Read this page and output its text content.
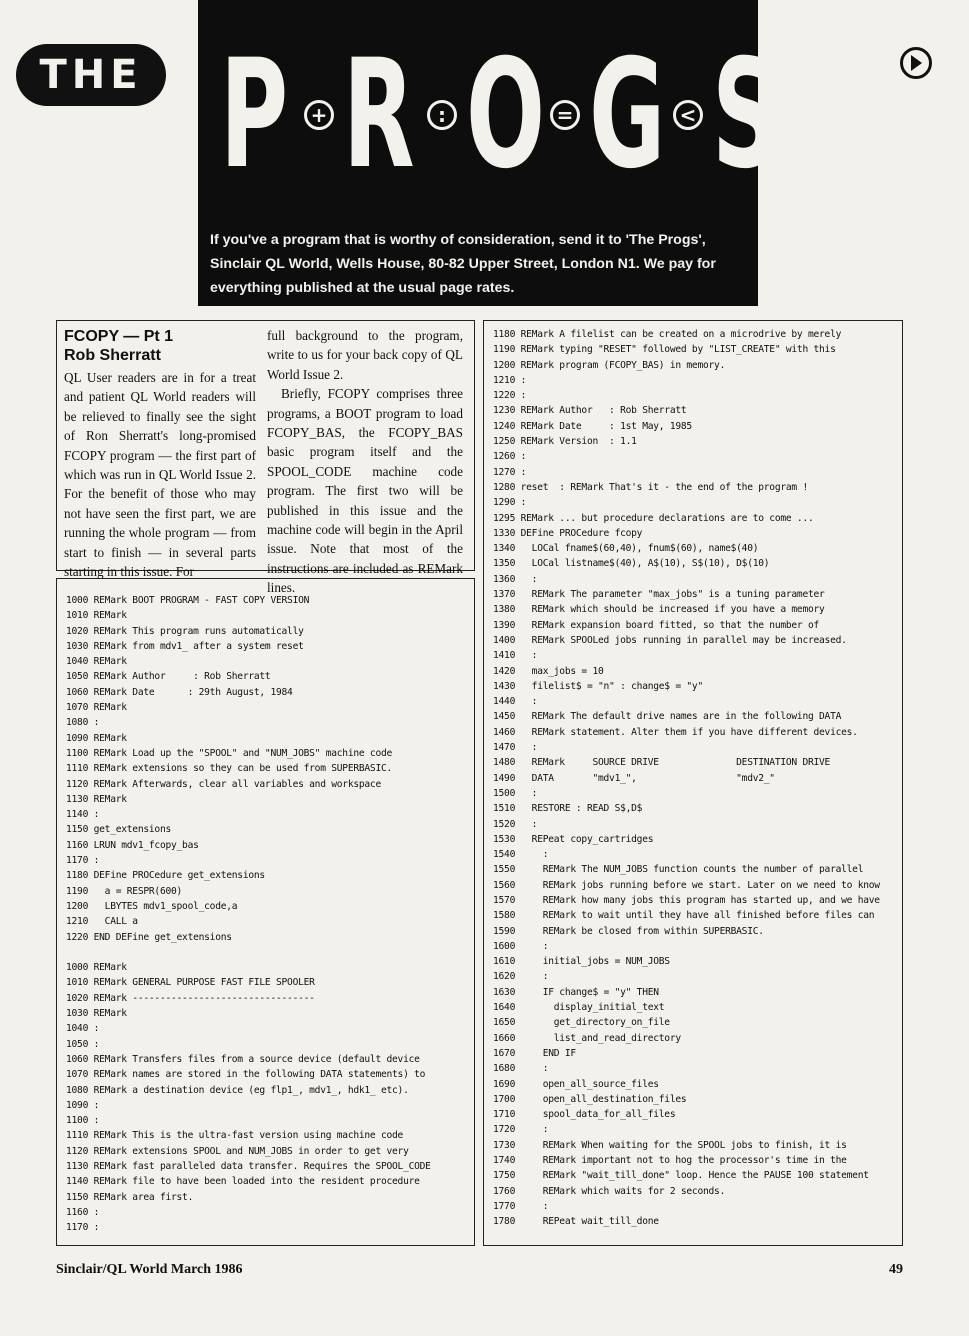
THE P	+ R	: O = G < S
If you've a program that is worthy of consideration, send it to 'The Progs', Sinclair QL World, Wells House, 80-82 Upper Street, London N1. We pay for everything published at the usual page rates.
FCOPY — Pt 1
Rob Sherratt

QL User readers are in for a treat and patient QL World readers will be relieved to finally see the sight of Ron Sherratt's long-promised FCOPY program — the first part of which was run in QL World Issue 2. For the benefit of those who may not have seen the first part, we are running the whole program — from start to finish — in several parts starting in this issue. For

full background to the program, write to us for your back copy of QL World Issue 2.

Briefly, FCOPY comprises three programs, a BOOT program to load FCOPY_BAS, the FCOPY_BAS basic program itself and the SPOOL_CODE machine code program. The first two will be published in this issue and the machine code will begin in the April issue. Note that most of the instructions are included as REMark lines.

1000 REMark BOOT PROGRAM - FAST COPY VERSION
1010 REMark
1020 REMark This program runs automatically
1030 REMark from mdv1_ after a system reset
1040 REMark
1050 REMark Author     : Rob Sherratt
1060 REMark Date      : 29th August, 1984
1070 REMark
1080 :
1090 REMark
1100 REMark Load up the "SPOOL" and "NUM_JOBS" machine code
1110 REMark extensions so they can be used from SUPERBASIC.
1120 REMark Afterwards, clear all variables and workspace
1130 REMark
1140 :
1150 get_extensions
1160 LRUN mdv1_fcopy_bas
1170 :
1180 DEFine PROCedure get_extensions
1190   a = RESPR(600)
1200   LBYTES mdv1_spool_code,a
1210   CALL a
1220 END DEFine get_extensions
1000 REMark
1010 REMark GENERAL PURPOSE FAST FILE SPOOLER
1020 REMark ---------------------------------
1030 REMark
1040 :
1050 :
1060 REMark Transfers files from a source device (default device
1070 REMark names are stored in the following DATA statements) to
1080 REMark a destination device (eg flp1_, mdv1_, hdk1_ etc).
1090 :
1100 :
1110 REMark This is the ultra-fast version using machine code
1120 REMark extensions SPOOL and NUM_JOBS in order to get very
1130 REMark fast paralleled data transfer. Requires the SPOOL_CODE
1140 REMark file to have been loaded into the resident procedure
1150 REMark area first.
1160 :
1170 :
1180 REMark A filelist can be created on a microdrive by merely
1190 REMark typing "RESET" followed by "LIST_CREATE" with this
1200 REMark program (FCOPY_BAS) in memory.
1210 :
1220 :
1230 REMark Author   : Rob Sherratt
1240 REMark Date     : 1st May, 1985
1250 REMark Version  : 1.1
1260 :
1270 :
1280 reset  : REMark That's it - the end of the program !
1290 :
1295 REMark ... but procedure declarations are to come ...
1330 DEFine PROCedure fcopy
1340   LOCal fname$(60,40), fnum$(60), name$(40)
1350   LOCal listname$(40), A$(10), S$(10), D$(10)
1360   :
1370   REMark The parameter "max_jobs" is a tuning parameter
1380   REMark which should be increased if you have a memory
1390   REMark expansion board fitted, so that the number of
1400   REMark SPOOLed jobs running in parallel may be increased.
1410   :
1420   max_jobs = 10
1430   filelist$ = "n" : change$ = "y"
1440   :
1450   REMark The default drive names are in the following DATA
1460   REMark statement. Alter them if you have different devices.
1470   :
1480   REMark     SOURCE DRIVE              DESTINATION DRIVE
1490   DATA       "mdv1_",                  "mdv2_"
1500   :
1510   RESTORE : READ S$,D$
1520   :
1530   REPeat copy_cartridges
1540     :
1550     REMark The NUM_JOBS function counts the number of parallel
1560     REMark jobs running before we start. Later on we need to know
1570     REMark how many jobs this program has started up, and we have
1580     REMark to wait until they have all finished before files can
1590     REMark be closed from within SUPERBASIC.
1600     :
1610     initial_jobs = NUM_JOBS
1620     :
1630     IF change$ = "y" THEN
1640       display_initial_text
1650       get_directory_on_file
1660       list_and_read_directory
1670     END IF
1680     :
1690     open_all_source_files
1700     open_all_destination_files
1710     spool_data_for_all_files
1720     :
1730     REMark When waiting for the SPOOL jobs to finish, it is
1740     REMark important not to hog the processor's time in the
1750     REMark "wait_till_done" loop. Hence the PAUSE 100 statement
1760     REMark which waits for 2 seconds.
1770     :
1780     REPeat wait_till_done
Sinclair/QL World March 1986	49
